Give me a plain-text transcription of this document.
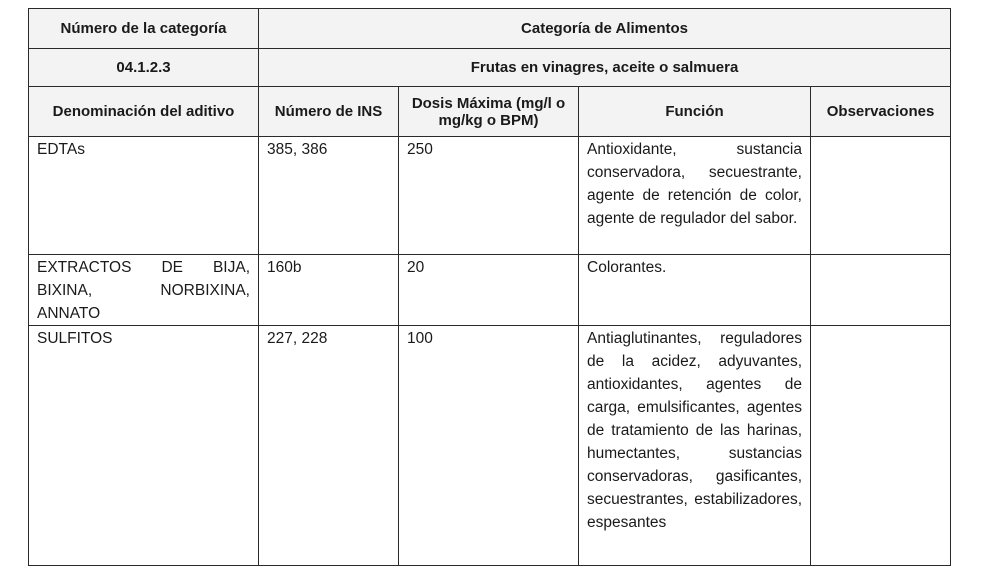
Número de la categoría	Categoría de Alimentos			
04.1.2.3	Frutas en vinagres, aceite o salmuera			
Denominación del aditivo	Número de INS	Dosis Máxima (mg/l o mg/kg o BPM)	Función	Observaciones
EDTAs	385, 386	250	Antioxidante, sustancia conservadora, secuestrante, agente de retención de color, agente de regulador del sabor.	
EXTRACTOS DE BIJA, BIXINA, NORBIXINA, ANNATO	160b	20	Colorantes.	
SULFITOS	227, 228	100	Antiaglutinantes, reguladores de la acidez, adyuvantes, antioxidantes, agentes de carga, emulsificantes, agentes de tratamiento de las harinas, humectantes, sustancias conservadoras, gasificantes, secuestrantes, estabilizadores, espesantes	
